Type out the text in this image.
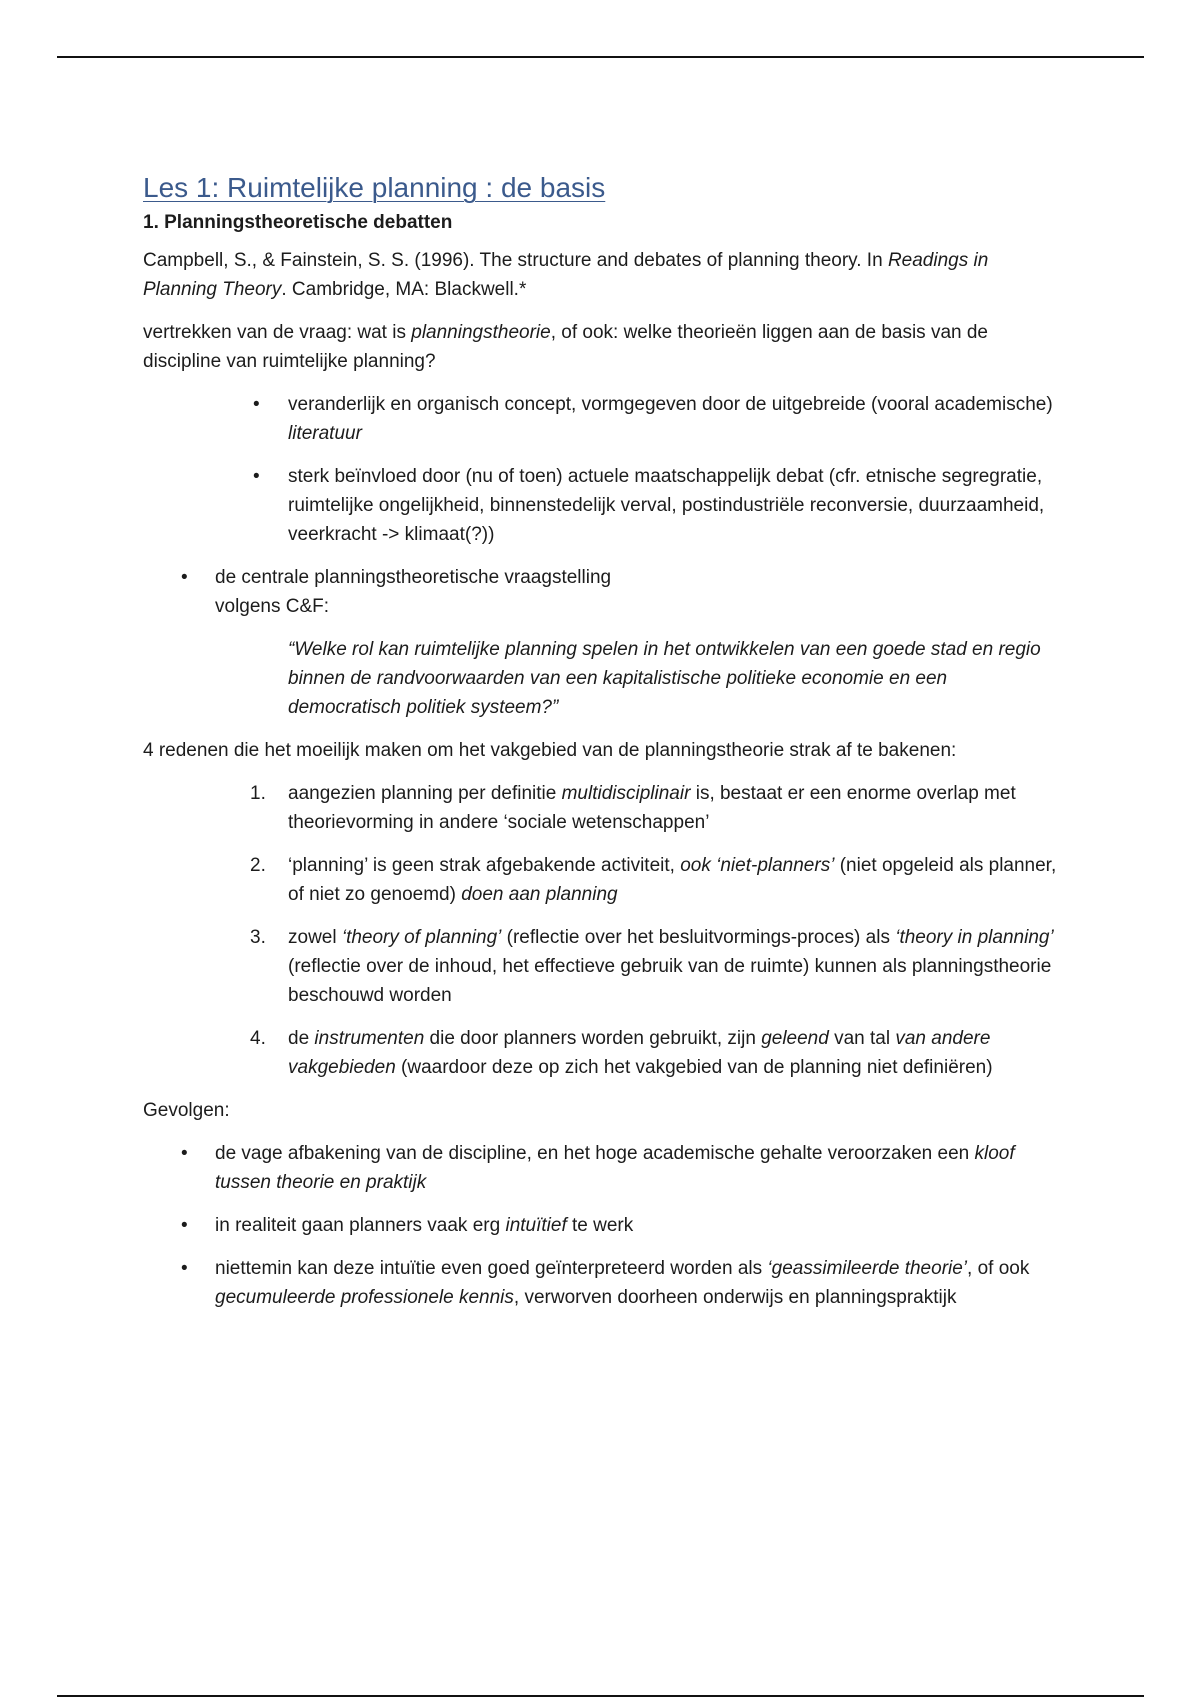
Les 1: Ruimtelijke planning : de basis
1. Planningstheoretische debatten

Campbell, S., & Fainstein, S. S. (1996). The structure and debates of planning theory. In Readings in Planning Theory. Cambridge, MA: Blackwell.*

vertrekken van de vraag: wat is planningstheorie, of ook: welke theorieën liggen aan de basis van de discipline van ruimtelijke planning?

• veranderlijk en organisch concept, vormgegeven door de uitgebreide (vooral academische) literatuur
• sterk beïnvloed door (nu of toen) actuele maatschappelijk debat (cfr. etnische segregratie, ruimtelijke ongelijkheid, binnenstedelijk verval, postindustriële reconversie, duurzaamheid, veerkracht -> klimaat(?))
• de centrale planningstheoretische vraagstelling
volgens C&F:
“Welke rol kan ruimtelijke planning spelen in het ontwikkelen van een goede stad en regio binnen de randvoorwaarden van een kapitalistische politieke economie en een democratisch politiek systeem?”

4 redenen die het moeilijk maken om het vakgebied van de planningstheorie strak af te bakenen:

1. aangezien planning per definitie multidisciplinair is, bestaat er een enorme overlap met theorievorming in andere ‘sociale wetenschappen’
2. ‘planning’ is geen strak afgebakende activiteit, ook ‘niet-planners’ (niet opgeleid als planner, of niet zo genoemd) doen aan planning
3. zowel ‘theory of planning’ (reflectie over het besluitvormings-proces) als ‘theory in planning’ (reflectie over de inhoud, het effectieve gebruik van de ruimte) kunnen als planningstheorie beschouwd worden
4. de instrumenten die door planners worden gebruikt, zijn geleend van tal van andere vakgebieden (waardoor deze op zich het vakgebied van de planning niet definiëren)

Gevolgen:

• de vage afbakening van de discipline, en het hoge academische gehalte veroorzaken een kloof tussen theorie en praktijk
• in realiteit gaan planners vaak erg intuïtief te werk
• niettemin kan deze intuïtie even goed geïnterpreteerd worden als ‘geassimileerde theorie’, of ook gecumuleerde professionele kennis, verworven doorheen onderwijs en planningspraktijk
